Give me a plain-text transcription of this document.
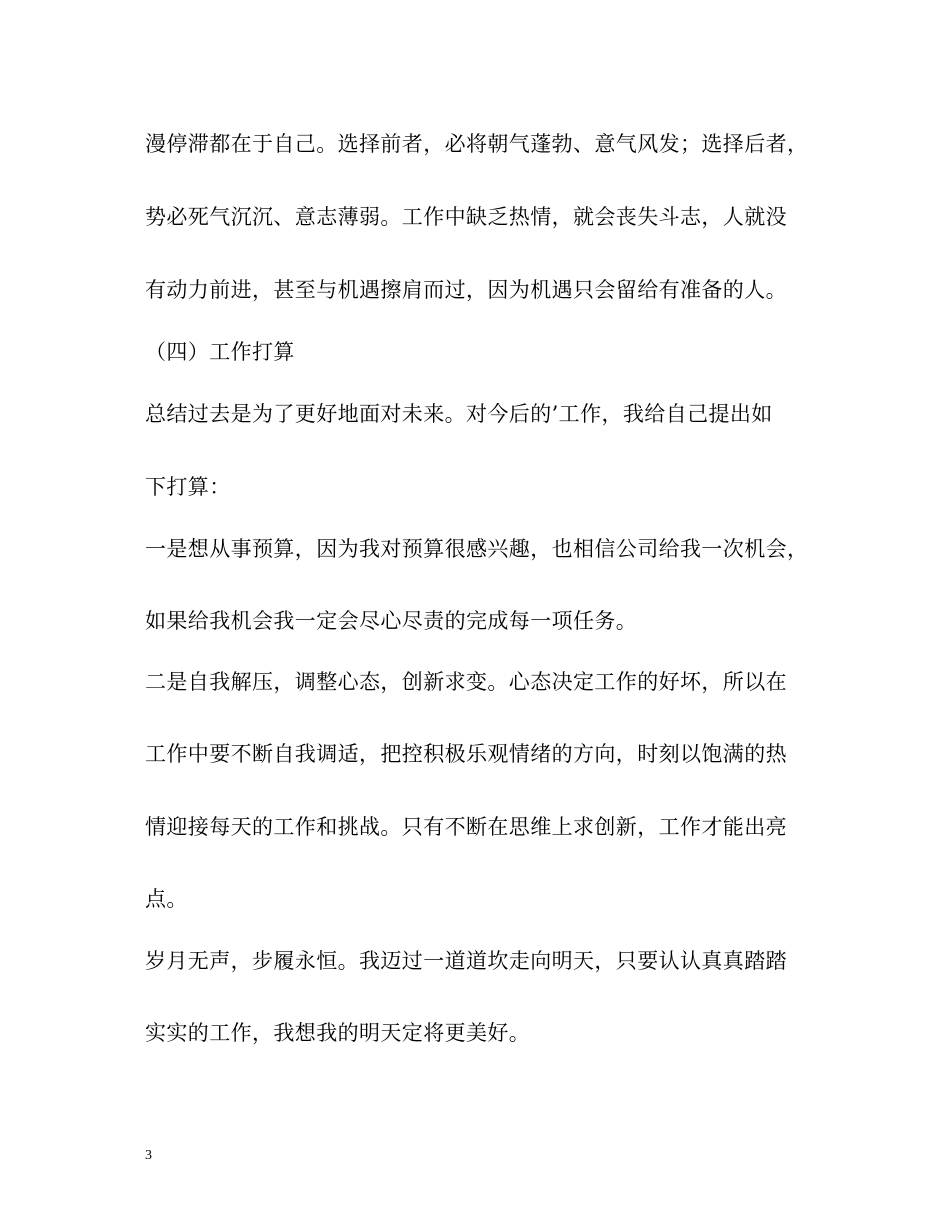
漫停滞都在于自己。选择前者，必将朝气蓬勃、意气风发；选择后者，
势必死气沉沉、意志薄弱。工作中缺乏热情，就会丧失斗志，人就没
有动力前进，甚至与机遇擦肩而过，因为机遇只会留给有准备的人。
（四）工作打算
总结过去是为了更好地面对未来。对今后的’工作，我给自己提出如
下打算：
一是想从事预算，因为我对预算很感兴趣，也相信公司给我一次机会，
如果给我机会我一定会尽心尽责的完成每一项任务。
二是自我解压，调整心态，创新求变。心态决定工作的好坏，所以在
工作中要不断自我调适，把控积极乐观情绪的方向，时刻以饱满的热
情迎接每天的工作和挑战。只有不断在思维上求创新，工作才能出亮
点。
岁月无声，步履永恒。我迈过一道道坎走向明天，只要认认真真踏踏
实实的工作，我想我的明天定将更美好。
3
